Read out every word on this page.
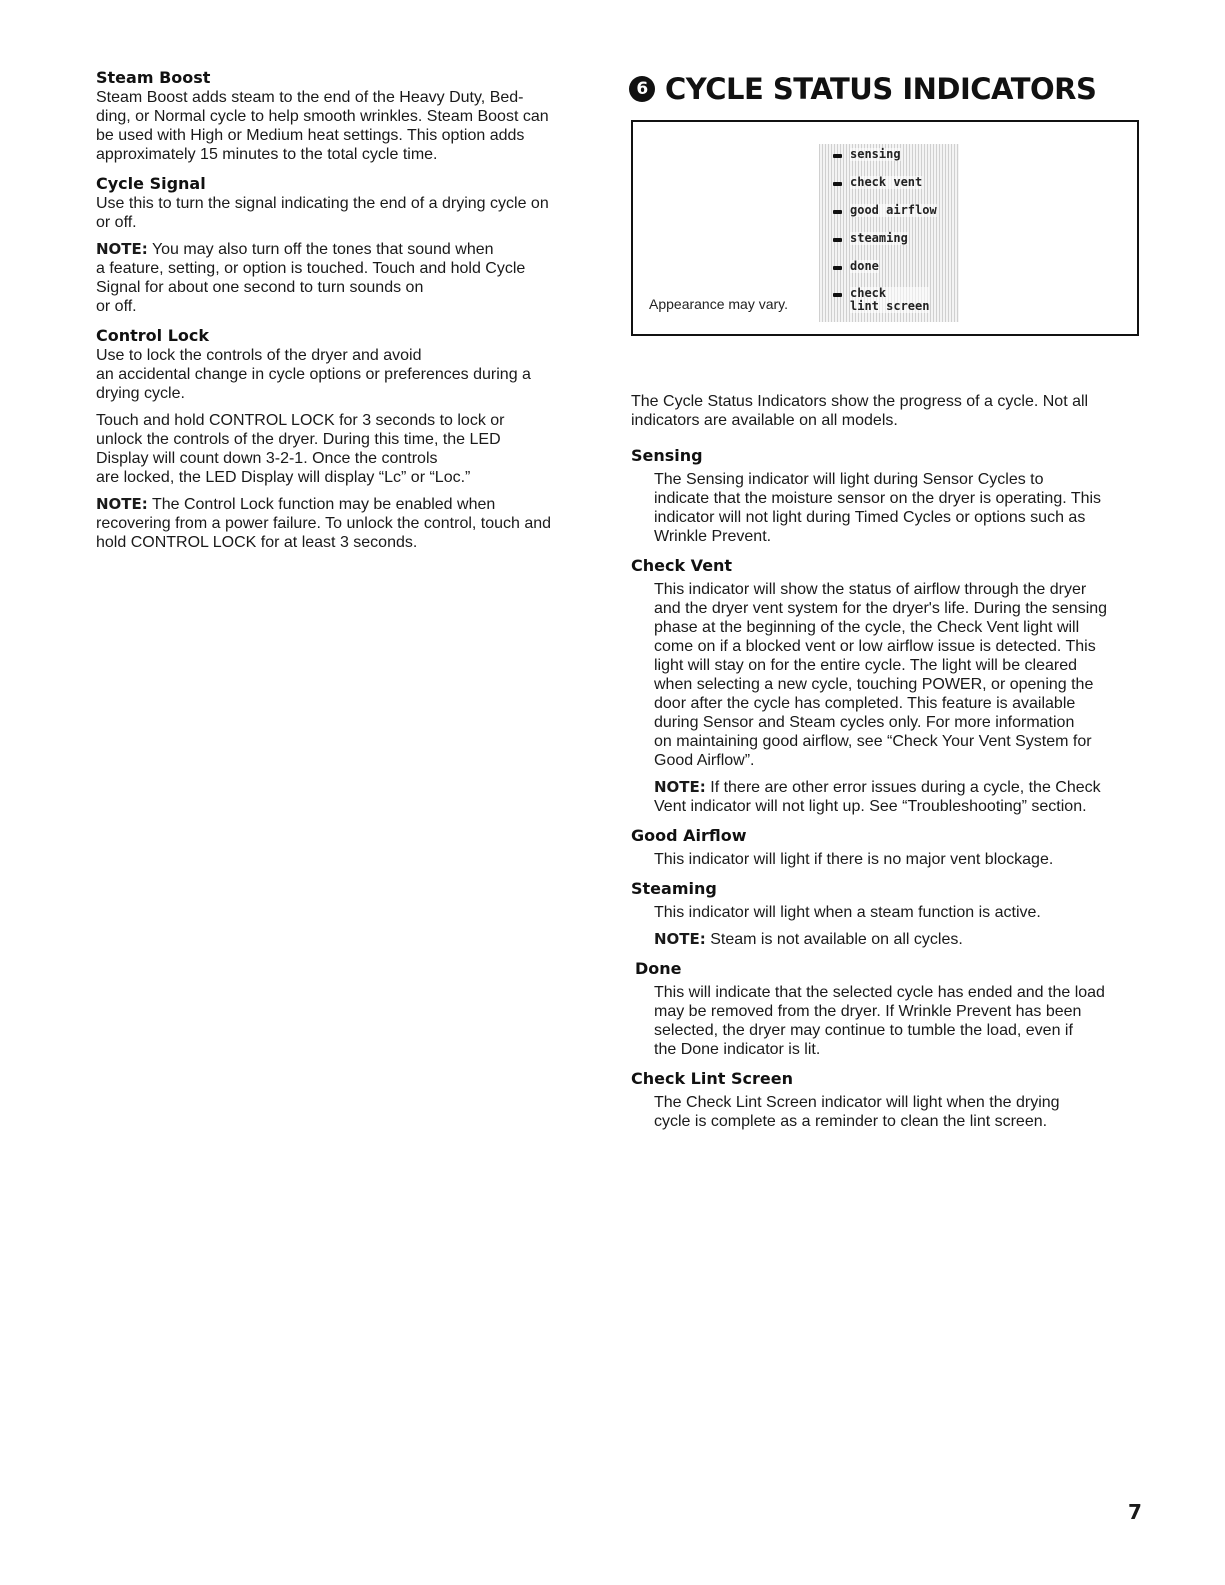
Steam Boost

Steam Boost adds steam to the end of the Heavy Duty, Bed-
ding, or Normal cycle to help smooth wrinkles. Steam Boost can
be used with High or Medium heat settings. This option adds
approximately 15 minutes to the total cycle time.

Cycle Signal

Use this to turn the signal indicating the end of a drying cycle on
or off.

NOTE: You may also turn off the tones that sound when
a feature, setting, or option is touched. Touch and hold Cycle
Signal for about one second to turn sounds on
or off.

Control Lock

Use to lock the controls of the dryer and avoid
an accidental change in cycle options or preferences during a
drying cycle.

Touch and hold CONTROL LOCK for 3 seconds to lock or
unlock the controls of the dryer. During this time, the LED
Display will count down 3-2-1. Once the controls
are locked, the LED Display will display “Lc” or “Loc.”

NOTE: The Control Lock function may be enabled when
recovering from a power failure. To unlock the control, touch and
hold CONTROL LOCK for at least 3 seconds.

6 CYCLE STATUS INDICATORS
Appearance may vary.
sensing
check vent
good airflow
steaming
done
check
lint screen

The Cycle Status Indicators show the progress of a cycle. Not all
indicators are available on all models.

Sensing

The Sensing indicator will light during Sensor Cycles to
indicate that the moisture sensor on the dryer is operating. This
indicator will not light during Timed Cycles or options such as
Wrinkle Prevent.

Check Vent

This indicator will show the status of airflow through the dryer
and the dryer vent system for the dryer's life. During the sensing
phase at the beginning of the cycle, the Check Vent light will
come on if a blocked vent or low airflow issue is detected. This
light will stay on for the entire cycle. The light will be cleared
when selecting a new cycle, touching POWER, or opening the
door after the cycle has completed. This feature is available
during Sensor and Steam cycles only. For more information
on maintaining good airflow, see “Check Your Vent System for
Good Airflow”.

NOTE: If there are other error issues during a cycle, the Check
Vent indicator will not light up. See “Troubleshooting” section.

Good Airflow

This indicator will light if there is no major vent blockage.

Steaming

This indicator will light when a steam function is active.

NOTE: Steam is not available on all cycles.

Done

This will indicate that the selected cycle has ended and the load
may be removed from the dryer. If Wrinkle Prevent has been
selected, the dryer may continue to tumble the load, even if
the Done indicator is lit.

Check Lint Screen

The Check Lint Screen indicator will light when the drying
cycle is complete as a reminder to clean the lint screen.

7
